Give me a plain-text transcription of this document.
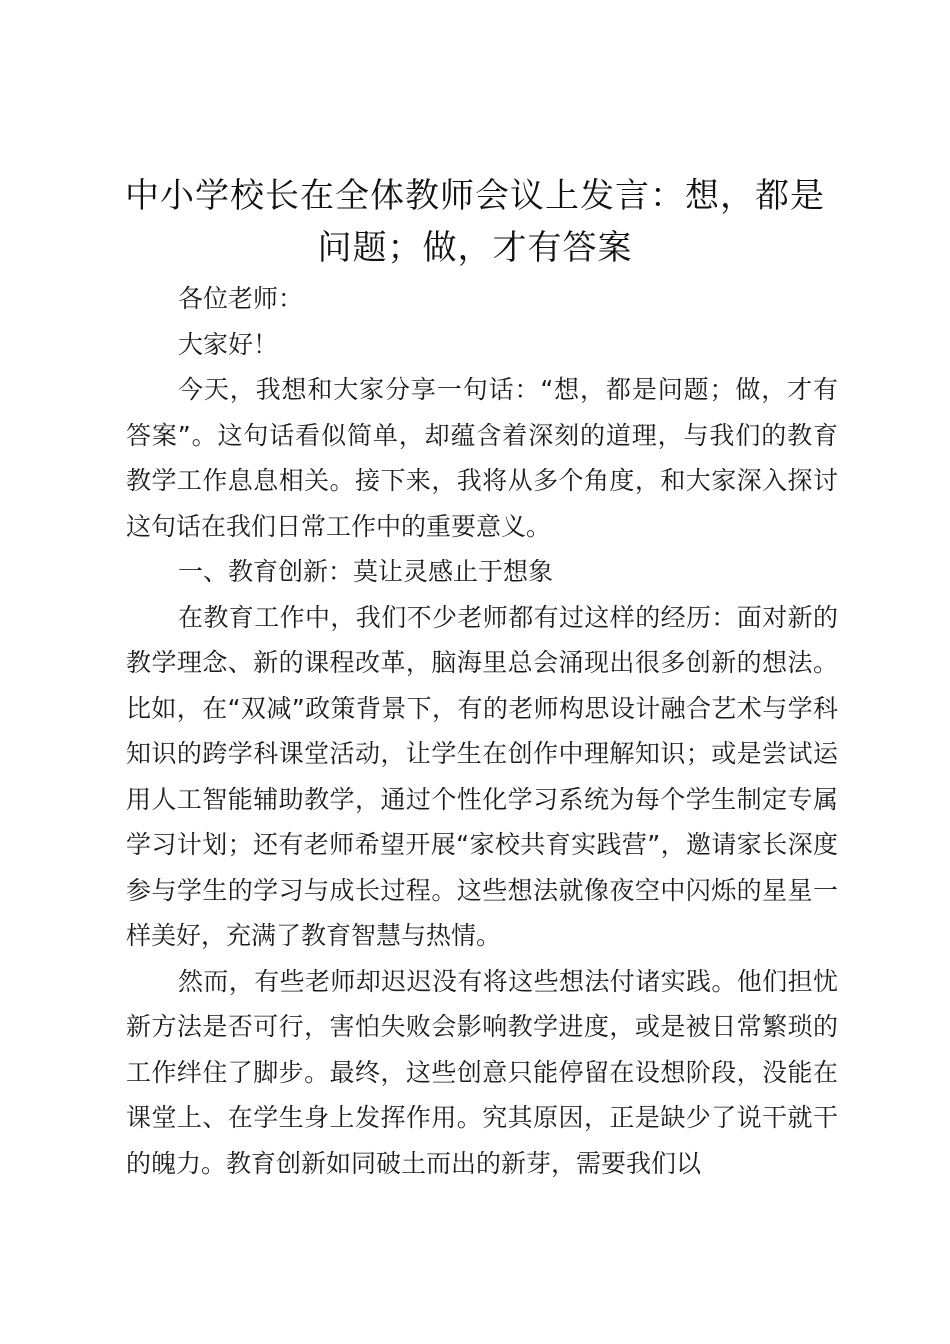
中小学校长在全体教师会议上发言：想，都是问题；做，才有答案

各位老师：

大家好！

今天，我想和大家分享一句话：“想，都是问题；做，才有答案”。这句话看似简单，却蕴含着深刻的道理，与我们的教育教学工作息息相关。接下来，我将从多个角度，和大家深入探讨这句话在我们日常工作中的重要意义。

一、教育创新：莫让灵感止于想象

在教育工作中，我们不少老师都有过这样的经历：面对新的教学理念、新的课程改革，脑海里总会涌现出很多创新的想法。比如，在“双减”政策背景下，有的老师构思设计融合艺术与学科知识的跨学科课堂活动，让学生在创作中理解知识；或是尝试运用人工智能辅助教学，通过个性化学习系统为每个学生制定专属学习计划；还有老师希望开展“家校共育实践营”，邀请家长深度参与学生的学习与成长过程。这些想法就像夜空中闪烁的星星一样美好，充满了教育智慧与热情。

然而，有些老师却迟迟没有将这些想法付诸实践。他们担忧新方法是否可行，害怕失败会影响教学进度，或是被日常繁琐的工作绊住了脚步。最终，这些创意只能停留在设想阶段，没能在课堂上、在学生身上发挥作用。究其原因，正是缺少了说干就干的魄力。教育创新如同破土而出的新芽，需要我们以
